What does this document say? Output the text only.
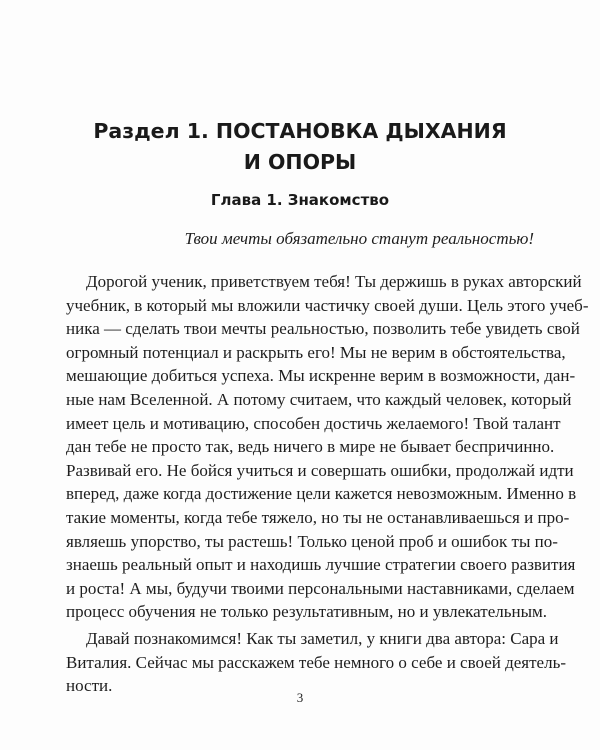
Раздел 1. ПОСТАНОВКА ДЫХАНИЯ
И ОПОРЫ
Глава 1. Знакомство

Твои мечты обязательно станут реальностью!

Дорогой ученик, приветствуем тебя! Ты держишь в руках авторский
учебник, в который мы вложили частичку своей души. Цель этого учеб-
ника — сделать твои мечты реальностью, позволить тебе увидеть свой
огромный потенциал и раскрыть его! Мы не верим в обстоятельства,
мешающие добиться успеха. Мы искренне верим в возможности, дан-
ные нам Вселенной. А потому считаем, что каждый человек, который
имеет цель и мотивацию, способен достичь желаемого! Твой талант
дан тебе не просто так, ведь ничего в мире не бывает беспричинно.
Развивай его. Не бойся учиться и совершать ошибки, продолжай идти
вперед, даже когда достижение цели кажется невозможным. Именно в
такие моменты, когда тебе тяжело, но ты не останавливаешься и про-
являешь упорство, ты растешь! Только ценой проб и ошибок ты по-
знаешь реальный опыт и находишь лучшие стратегии своего развития
и роста! А мы, будучи твоими персональными наставниками, сделаем
процесс обучения не только результативным, но и увлекательным.
Давай познакомимся! Как ты заметил, у книги два автора: Сара и
Виталия. Сейчас мы расскажем тебе немного о себе и своей деятель-
ности.

3
